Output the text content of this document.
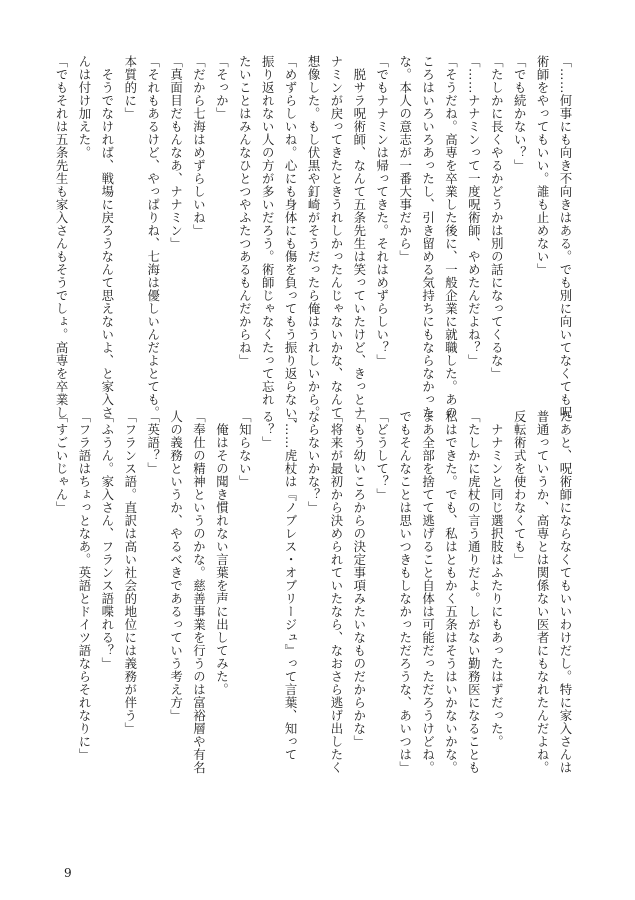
「……何事にも向き不向きはある。でも別に向いてなくても呪
術師をやってもいい。誰も止めない」
「でも続かない？」
「たしかに長くやるかどうかは別の話になってくるな」
「……ナナミンって一度呪術師、やめたんだよね？」
「そうだね。高専を卒業した後に、一般企業に就職した。あの
ころはいろいろあったし、引き留める気持ちにもならなかった
な。本人の意志が一番大事だから」
「でもナナミンは帰ってきた。それはめずらしい？」
　脱サラ呪術師、なんて五条先生は笑っていたけど、きっとナ
ナミンが戻ってきたときうれしかったんじゃないかな、なんて
想像した。もし伏黒や釘崎がそうだったら俺はうれしいから。
「めずらしいね。心にも身体にも傷を負ってもう振り返らない、
振り返れない人の方が多いだろう。術師じゃなくたって忘れ
たいことはみんなひとつやふたつあるもんだからね」
「そっか」
「だから七海はめずらしいね」
「真面目だもんなあ、ナナミン」
「それもあるけど、やっぱりね、七海は優しいんだよとても。
本質的に」
　そうでなければ、戦場に戻ろうなんて思えないよ、と家入さ
んは付け加えた。
「でもそれは五条先生も家入さんもそうでしょ。高専を卒業し
たあと、呪術師にならなくてもいいわけだし。特に家入さんは
普通っていうか、高専とは関係ない医者にもなれたんだよね。
反転術式を使わなくても」
　ナナミンと同じ選択肢はふたりにもあったはずだった。
「たしかに虎杖の言う通りだよ。しがない勤務医になることも
私はできた。でも、私はともかく五条はそうはいかないかな。
まあ全部を捨てて逃げること自体は可能だっただろうけどね。
でもそんなことは思いつきもしなかっただろうな、あいつは」
「どうして？」
「もう幼いころからの決定事項みたいなものだからかな」
「将来が最初から決められていたなら、なおさら逃げ出したく
ならないかな？」
「……虎杖は『ノブレス・オブリージュ』って言葉、知って
る？」
「知らない」
　俺はその聞き慣れない言葉を声に出してみた。
「奉仕の精神というのかな。慈善事業を行うのは富裕層や有名
人の義務というか、やるべきであるっていう考え方」
「英語？」
「フランス語。直訳は高い社会的地位には義務が伴う」
「ふうん。家入さん、フランス語喋れる？」
「フラ語はちょっとなあ。英語とドイツ語ならそれなりに」
「すごいじゃん」
9
